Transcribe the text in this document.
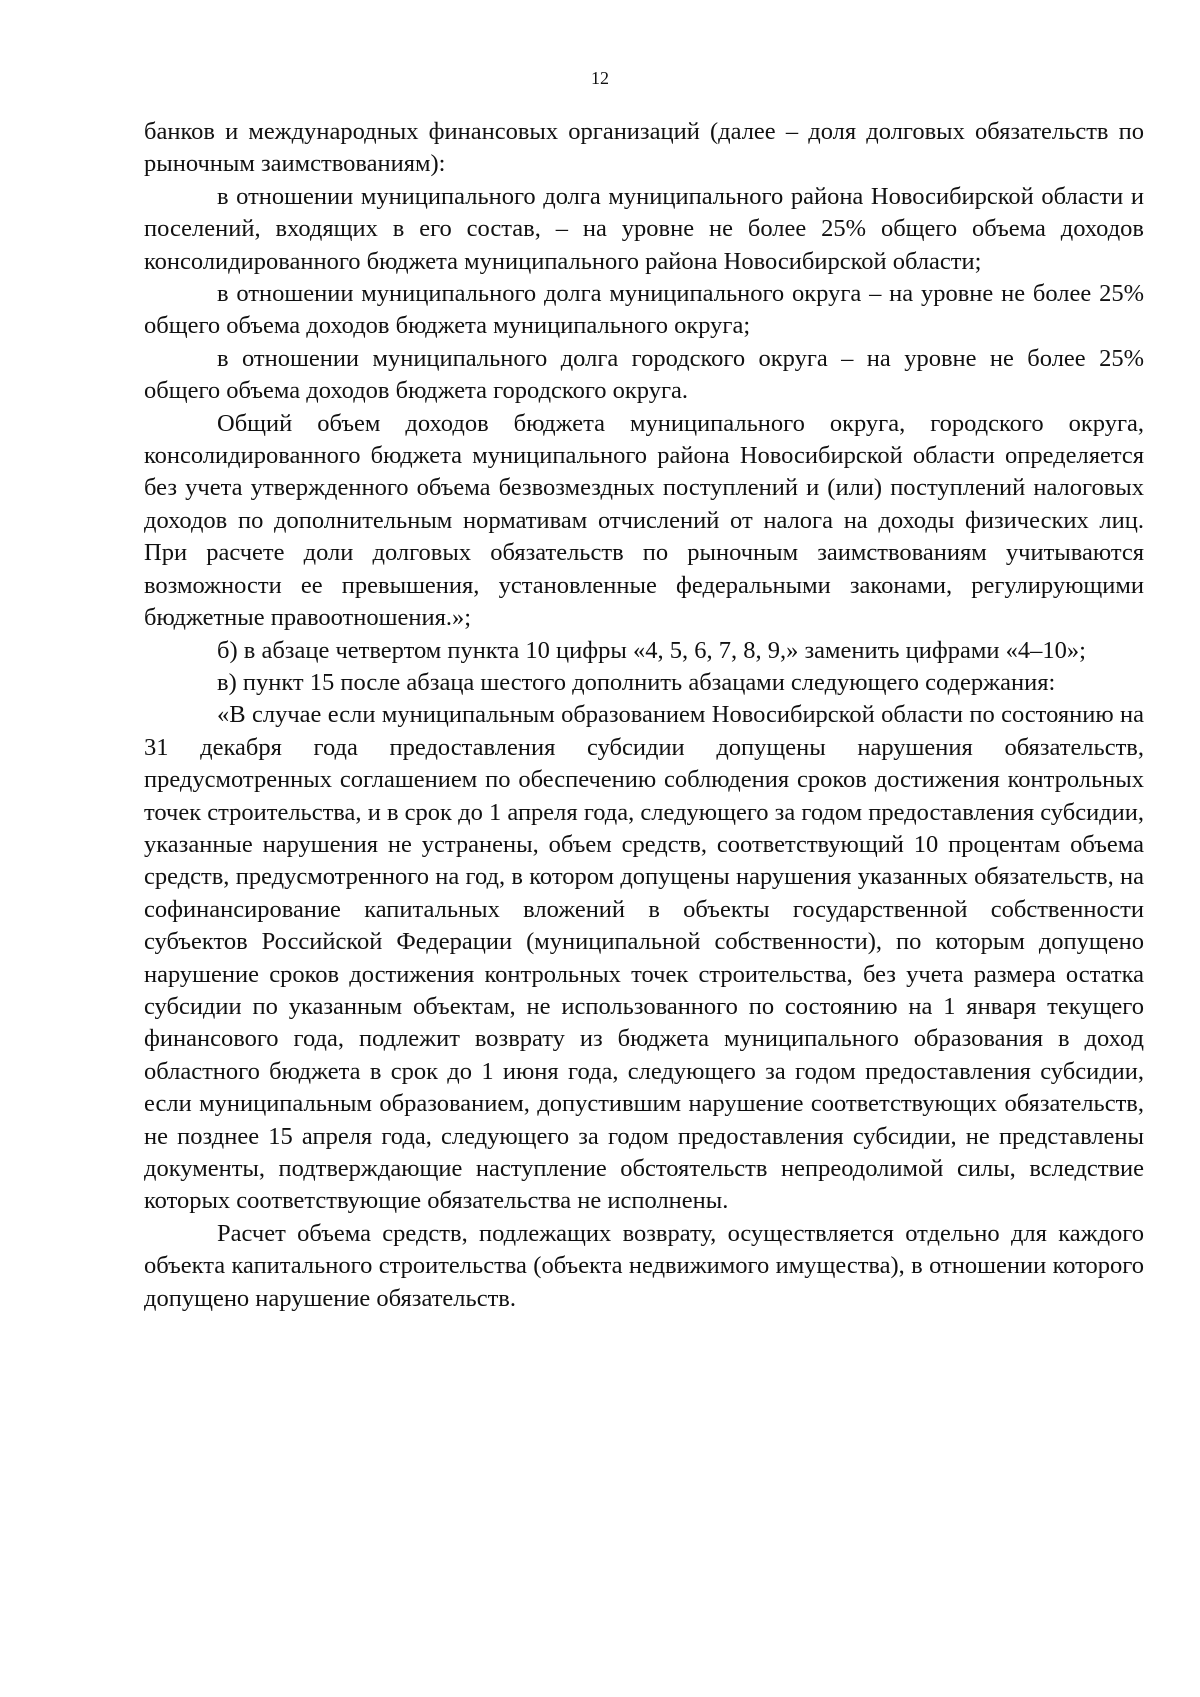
12

банков и международных финансовых организаций (далее – доля долговых обязательств по рыночным заимствованиям):

в отношении муниципального долга муниципального района Новосибирской области и поселений, входящих в его состав, – на уровне не более 25% общего объема доходов консолидированного бюджета муниципального района Новосибирской области;

в отношении муниципального долга муниципального округа – на уровне не более 25% общего объема доходов бюджета муниципального округа;

в отношении муниципального долга городского округа – на уровне не более 25% общего объема доходов бюджета городского округа.

Общий объем доходов бюджета муниципального округа, городского округа, консолидированного бюджета муниципального района Новосибирской области определяется без учета утвержденного объема безвозмездных поступлений и (или) поступлений налоговых доходов по дополнительным нормативам отчислений от налога на доходы физических лиц. При расчете доли долговых обязательств по рыночным заимствованиям учитываются возможности ее превышения, установленные федеральными законами, регулирующими бюджетные правоотношения.»;

б) в абзаце четвертом пункта 10 цифры «4, 5, 6, 7, 8, 9,» заменить цифрами «4–10»;

в) пункт 15 после абзаца шестого дополнить абзацами следующего содержания:

«В случае если муниципальным образованием Новосибирской области по состоянию на 31 декабря года предоставления субсидии допущены нарушения обязательств, предусмотренных соглашением по обеспечению соблюдения сроков достижения контрольных точек строительства, и в срок до 1 апреля года, следующего за годом предоставления субсидии, указанные нарушения не устранены, объем средств, соответствующий 10 процентам объема средств, предусмотренного на год, в котором допущены нарушения указанных обязательств, на софинансирование капитальных вложений в объекты государственной собственности субъектов Российской Федерации (муниципальной собственности), по которым допущено нарушение сроков достижения контрольных точек строительства, без учета размера остатка субсидии по указанным объектам, не использованного по состоянию на 1 января текущего финансового года, подлежит возврату из бюджета муниципального образования в доход областного бюджета в срок до 1 июня года, следующего за годом предоставления субсидии, если муниципальным образованием, допустившим нарушение соответствующих обязательств, не позднее 15 апреля года, следующего за годом предоставления субсидии, не представлены документы, подтверждающие наступление обстоятельств непреодолимой силы, вследствие которых соответствующие обязательства не исполнены.

Расчет объема средств, подлежащих возврату, осуществляется отдельно для каждого объекта капитального строительства (объекта недвижимого имущества), в отношении которого допущено нарушение обязательств.
